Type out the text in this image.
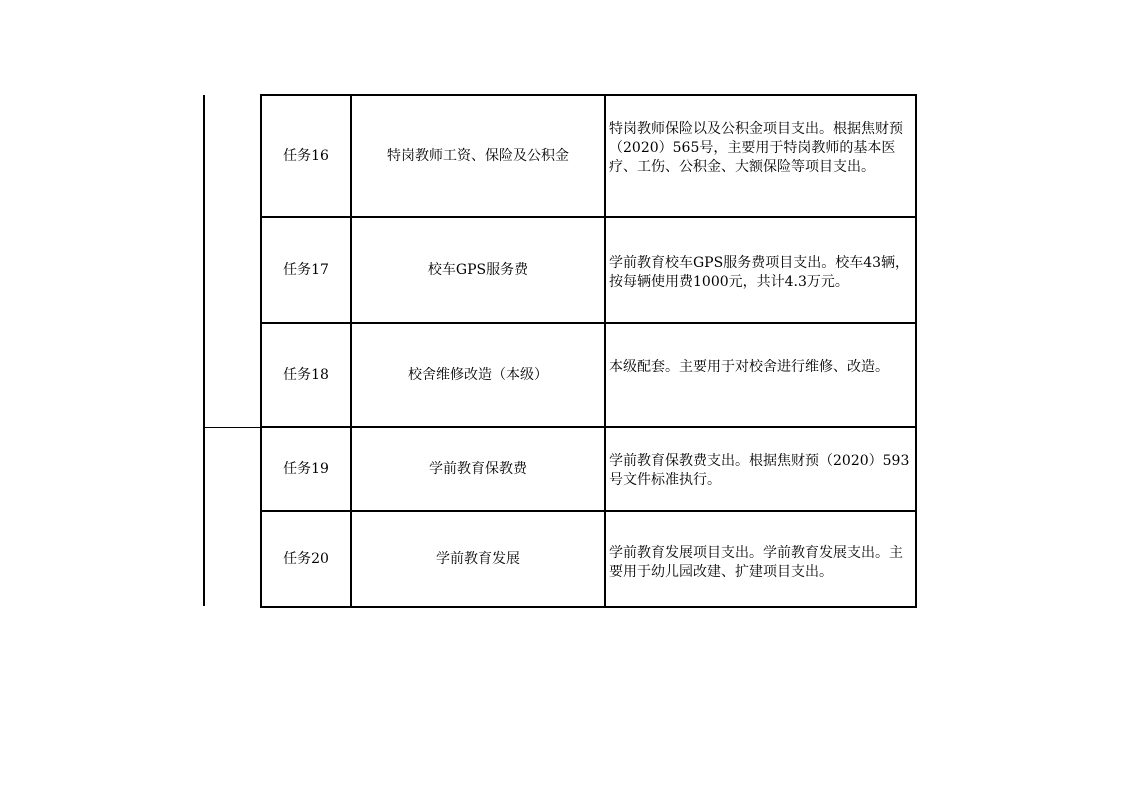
任务16	特岗教师工资、保险及公积金	特岗教师保险以及公积金项目支出。根据焦财预（2020）565号，主要用于特岗教师的基本医疗、工伤、公积金、大额保险等项目支出。
任务17	校车GPS服务费	学前教育校车GPS服务费项目支出。校车43辆，按每辆使用费1000元，共计4.3万元。
任务18	校舍维修改造（本级）	本级配套。主要用于对校舍进行维修、改造。
任务19	学前教育保教费	学前教育保教费支出。根据焦财预（2020）593号文件标准执行。
任务20	学前教育发展	学前教育发展项目支出。学前教育发展支出。主要用于幼儿园改建、扩建项目支出。
